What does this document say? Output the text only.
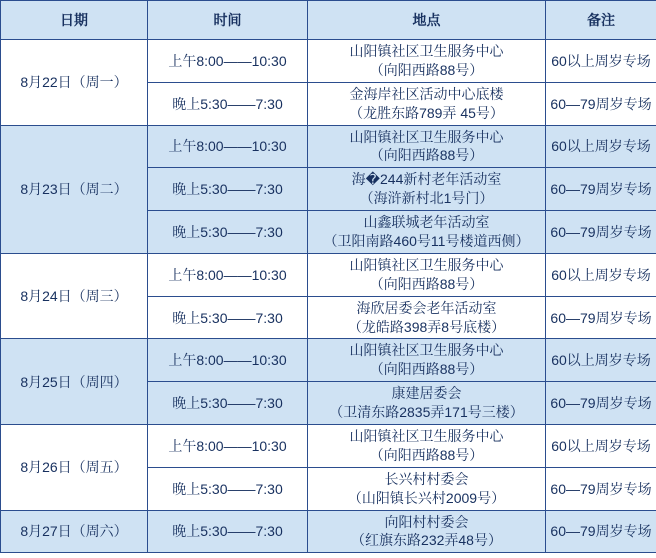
日期	时间	地点	备注
8月22日（周一）	上午8:00——10:30	山阳镇社区卫生服务中心
（向阳西路88号）	60以上周岁专场
	晚上5:30——7:30	金海岸社区活动中心底楼
（龙胜东路789弄 45号）	60—79周岁专场
8月23日（周二）	上午8:00——10:30	山阳镇社区卫生服务中心
（向阳西路88号）	60以上周岁专场
	晚上5:30——7:30	海�244新村老年活动室
（海浒新村北1号门）	60—79周岁专场
	晚上5:30——7:30	山鑫联城老年活动室
（卫阳南路460号11号楼道西侧）	60—79周岁专场
8月24日（周三）	上午8:00——10:30	山阳镇社区卫生服务中心
（向阳西路88号）	60以上周岁专场
	晚上5:30——7:30	海欣居委会老年活动室
（龙皓路398弄8号底楼）	60—79周岁专场
8月25日（周四）	上午8:00——10:30	山阳镇社区卫生服务中心
（向阳西路88号）	60以上周岁专场
	晚上5:30——7:30	康建居委会
（卫清东路2835弄171号三楼）	60—79周岁专场
8月26日（周五）	上午8:00——10:30	山阳镇社区卫生服务中心
（向阳西路88号）	60以上周岁专场
	晚上5:30——7:30	长兴村村委会
（山阳镇长兴村2009号）	60—79周岁专场
8月27日（周六）	晚上5:30——7:30	向阳村村委会
（红旗东路232弄48号）	60—79周岁专场
